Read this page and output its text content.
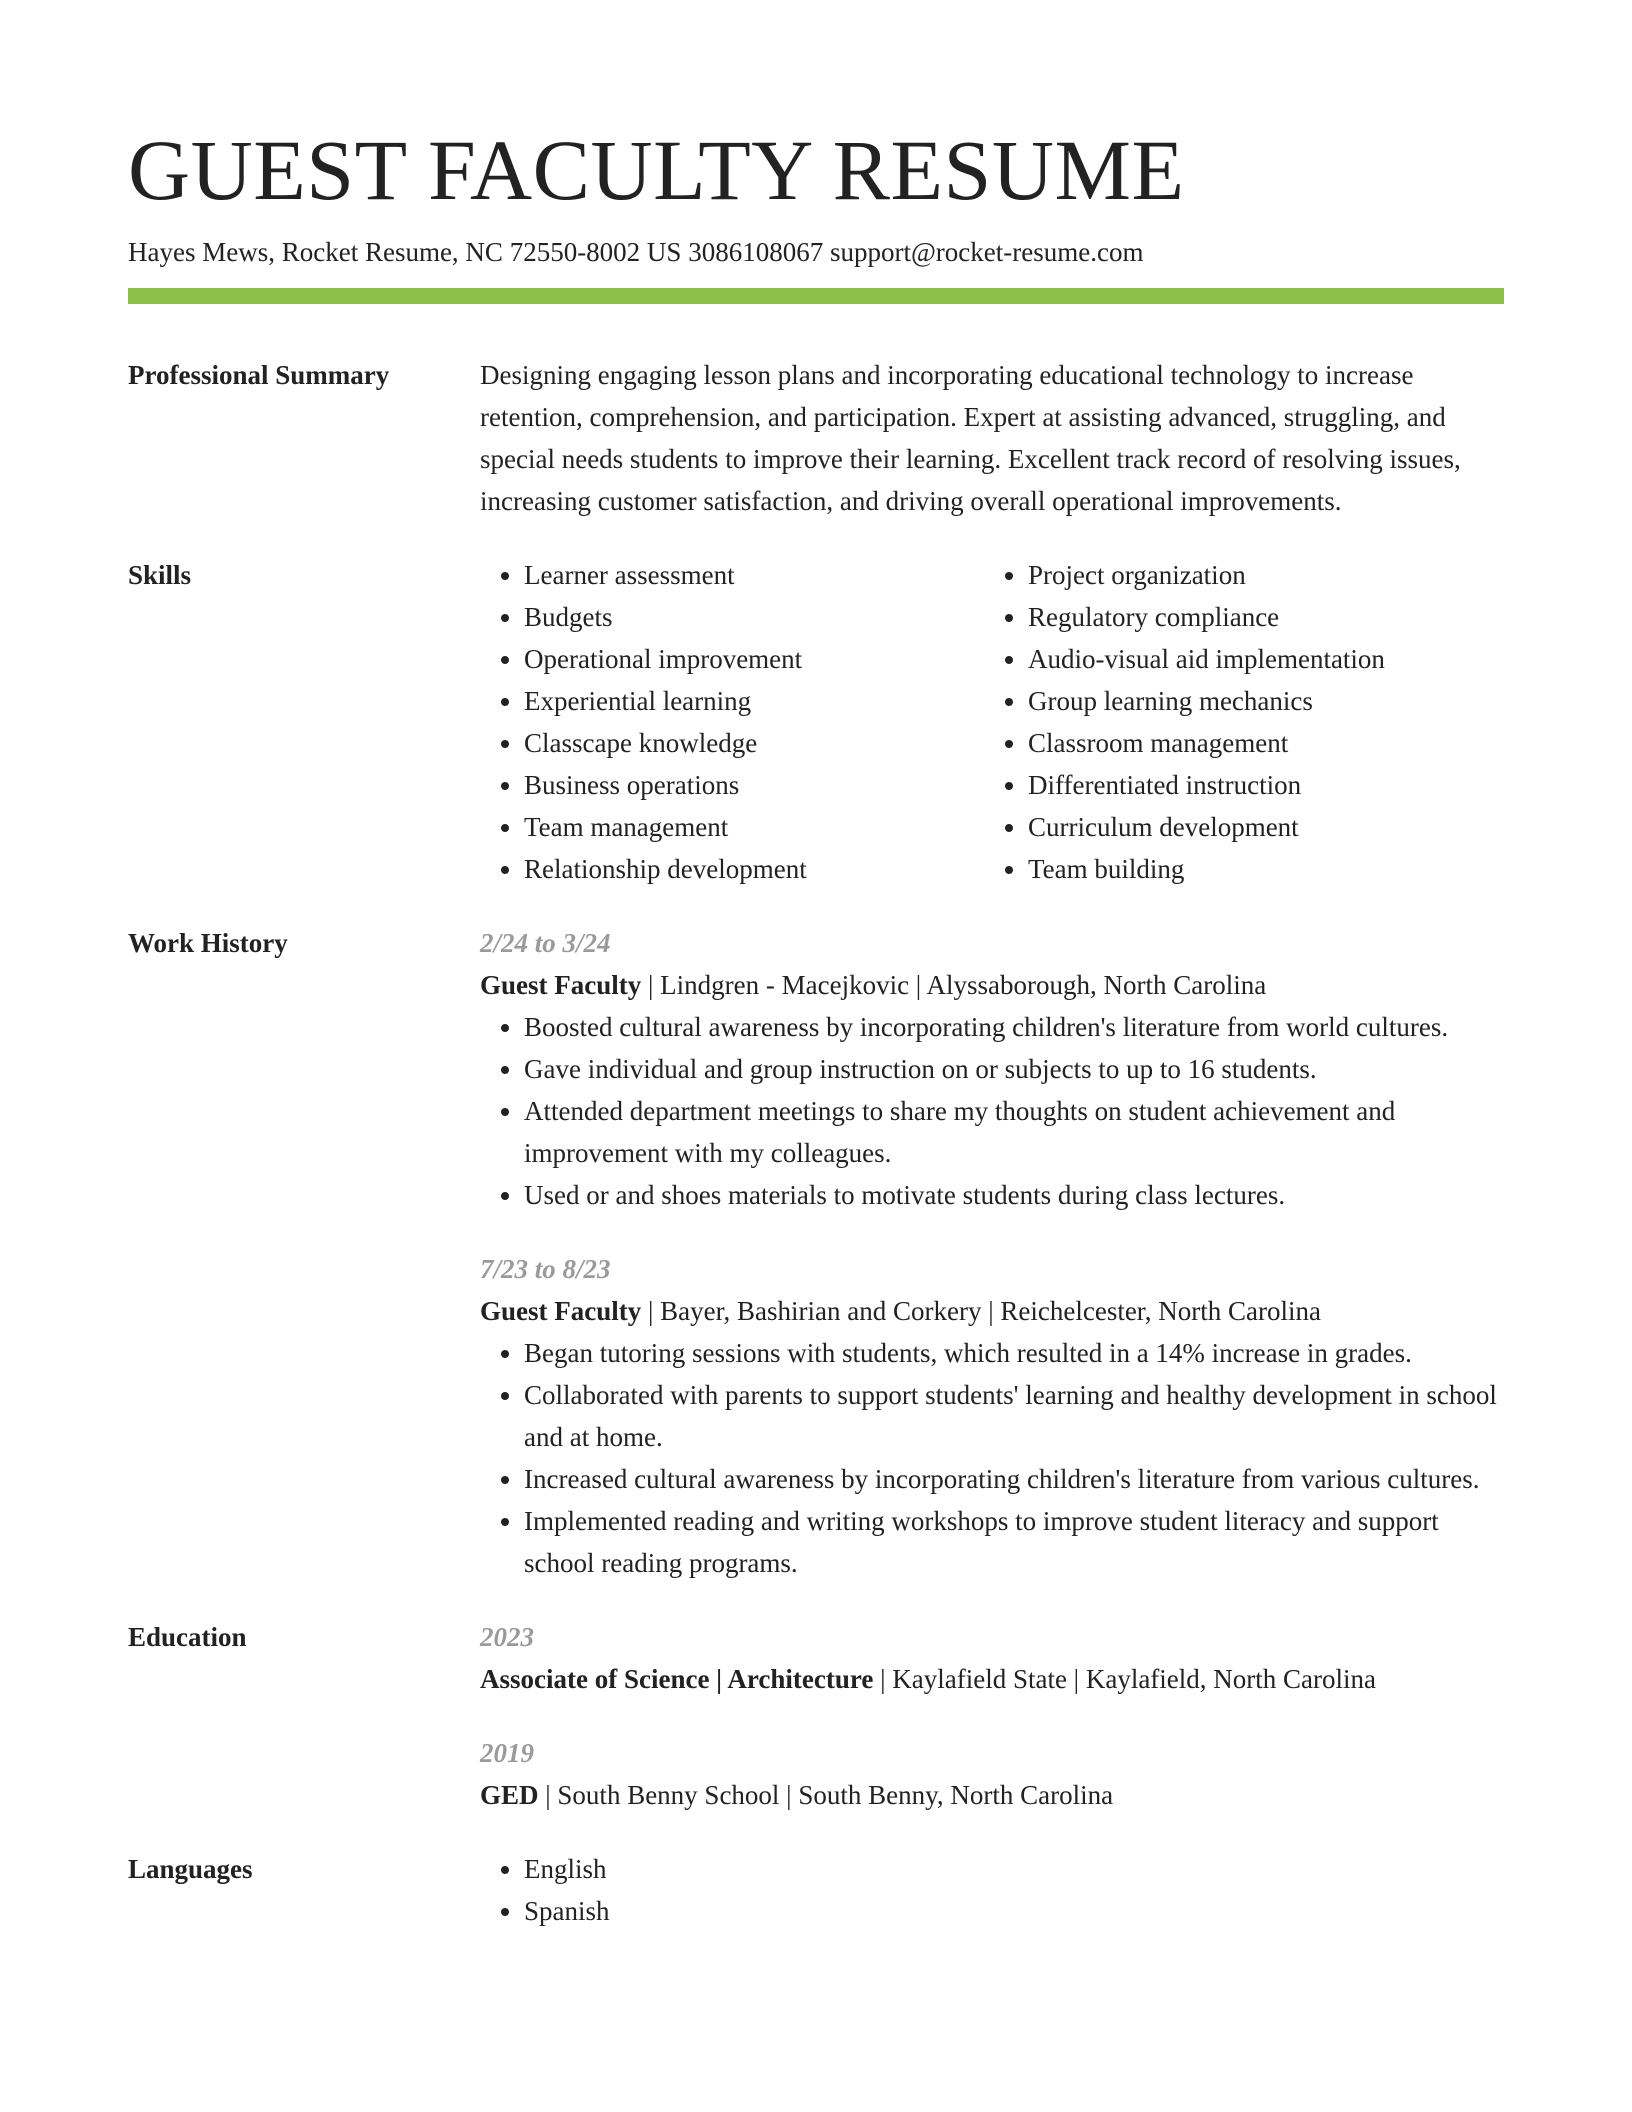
GUEST FACULTY RESUME
Hayes Mews, Rocket Resume, NC 72550-8002 US 3086108067 support@rocket-resume.com
Professional Summary	Designing engaging lesson plans and incorporating educational technology to increase retention, comprehension, and participation. Expert at assisting advanced, struggling, and special needs students to improve their learning. Excellent track record of resolving issues, increasing customer satisfaction, and driving overall operational improvements.
Skills	• Learner assessment
• Budgets
• Operational improvement
• Experiential learning
• Classcape knowledge
• Business operations
• Team management
• Relationship development
• Project organization
• Regulatory compliance
• Audio-visual aid implementation
• Group learning mechanics
• Classroom management
• Differentiated instruction
• Curriculum development
• Team building
Work History	2/24 to 3/24
Guest Faculty | Lindgren - Macejkovic | Alyssaborough, North Carolina
• Boosted cultural awareness by incorporating children's literature from world cultures.
• Gave individual and group instruction on or subjects to up to 16 students.
• Attended department meetings to share my thoughts on student achievement and improvement with my colleagues.
• Used or and shoes materials to motivate students during class lectures.
7/23 to 8/23
Guest Faculty | Bayer, Bashirian and Corkery | Reichelcester, North Carolina
• Began tutoring sessions with students, which resulted in a 14% increase in grades.
• Collaborated with parents to support students' learning and healthy development in school and at home.
• Increased cultural awareness by incorporating children's literature from various cultures.
• Implemented reading and writing workshops to improve student literacy and support school reading programs.
Education	2023
Associate of Science | Architecture | Kaylafield State | Kaylafield, North Carolina
2019
GED | South Benny School | South Benny, North Carolina
Languages	• English
• Spanish
